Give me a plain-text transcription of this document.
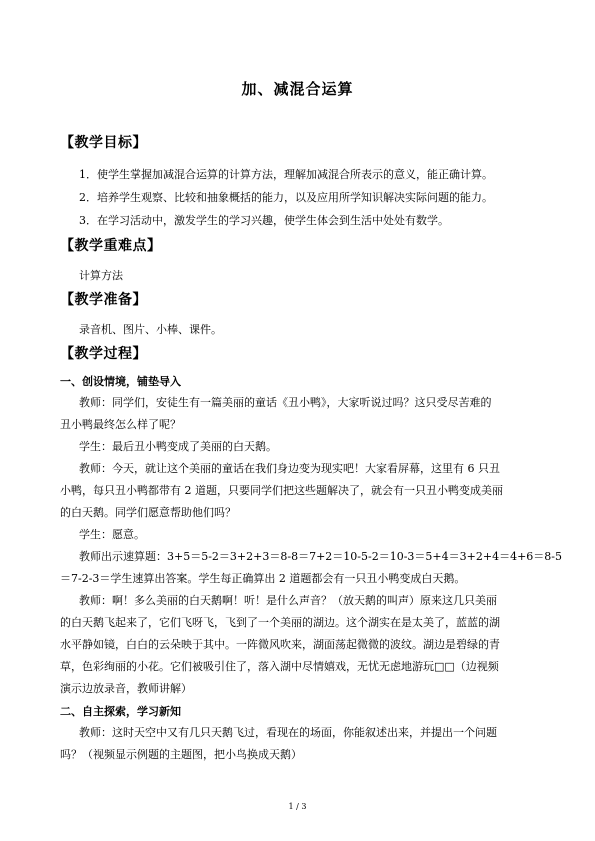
加、减混合运算
【教学目标】
1．使学生掌握加减混合运算的计算方法，理解加减混合所表示的意义，能正确计算。
2．培养学生观察、比较和抽象概括的能力，以及应用所学知识解决实际问题的能力。
3．在学习活动中，激发学生的学习兴趣，使学生体会到生活中处处有数学。
【教学重难点】
计算方法
【教学准备】
录音机、图片、小棒、课件。
【教学过程】
一、创设情境，铺垫导入
教师：同学们，安徒生有一篇美丽的童话《丑小鸭》，大家听说过吗？这只受尽苦难的
丑小鸭最终怎么样了呢？
学生：最后丑小鸭变成了美丽的白天鹅。
教师：今天，就让这个美丽的童话在我们身边变为现实吧！大家看屏幕，这里有 6 只丑
小鸭，每只丑小鸭都带有 2 道题，只要同学们把这些题解决了，就会有一只丑小鸭变成美丽
的白天鹅。同学们愿意帮助他们吗？
学生：愿意。
教师出示速算题：3+5＝5-2＝3+2+3＝8-8＝7+2＝10-5-2＝10-3＝5+4＝3+2+4＝4+6＝8-5
＝7-2-3＝学生速算出答案。学生每正确算出 2 道题都会有一只丑小鸭变成白天鹅。
教师：啊！多么美丽的白天鹅啊！听！是什么声音？（放天鹅的叫声）原来这几只美丽
的白天鹅飞起来了，它们飞呀飞，飞到了一个美丽的湖边。这个湖实在是太美了，蓝蓝的湖
水平静如镜，白白的云朵映于其中。一阵微风吹来，湖面荡起微微的波纹。湖边是碧绿的青
草，色彩绚丽的小花。它们被吸引住了，落入湖中尽情嬉戏，无忧无虑地游玩□□（边视频
演示边放录音，教师讲解）
二、自主探索，学习新知
教师：这时天空中又有几只天鹅飞过，看现在的场面，你能叙述出来，并提出一个问题
吗？（视频显示例题的主题图，把小鸟换成天鹅）
1 / 3
